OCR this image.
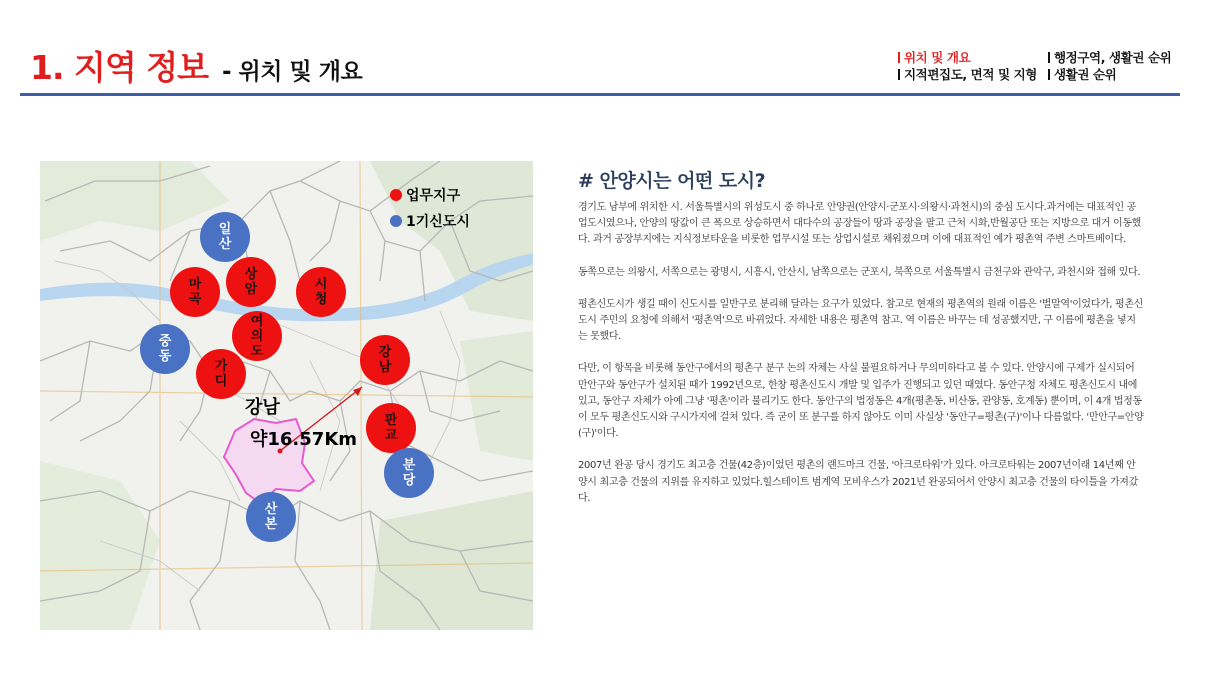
1. 지역 정보 - 위치 및 개요
위치 및 개요
지적편집도, 면적 및 지형
행정구역, 생활권 순위
생활권 순위
업무지구
1기신도시
마
곡
상
암	시
청
여
의
도
가
디
강
남
판
교
일
산
중
동
분
당
산
본
강남
약16.57Km
# 안양시는 어떤 도시?

경기도 남부에 위치한 시. 서울특별시의 위성도시 중 하나로 안양권(안양시·군포시·의왕시·과천시)의 중심 도시다.과거에는 대표적인 공업도시였으나, 안양의 땅값이 큰 폭으로 상승하면서 대다수의 공장들이 땅과 공장을 팔고 근처 시화,반월공단 또는 지방으로 대거 이동했다. 과거 공장부지에는 지식정보타운을 비롯한 업무시설 또는 상업시설로 채워졌으며 이에 대표적인 예가 평촌역 주변 스마트베이다.

동쪽으로는 의왕시, 서쪽으로는 광명시, 시흥시, 안산시, 남쪽으로는 군포시, 북쪽으로 서울특별시 금천구와 관악구, 과천시와 접해 있다.

평촌신도시가 생길 때이 신도시를 일반구로 분리해 달라는 요구가 있었다. 참고로 현재의 평촌역의 원래 이름은 '벌말역'이었다가, 평촌신도시 주민의 요청에 의해서 '평촌역'으로 바뀌었다. 자세한 내용은 평촌역 참고. 역 이름은 바꾸는 데 성공했지만, 구 이름에 평촌을 넣지는 못했다.

다만, 이 항목을 비롯해 동안구에서의 평촌구 분구 논의 자체는 사실 불필요하거나 무의미하다고 볼 수 있다. 안양시에 구제가 실시되어 만안구와 동안구가 설치된 때가 1992년으로, 한창 평촌신도시 개발 및 입주가 진행되고 있던 때였다. 동안구청 자체도 평촌신도시 내에 있고, 동안구 자체가 아예 그냥 '평촌'이라 불리기도 한다. 동안구의 법정동은 4개(평촌동, 비산동, 관양동, 호계동) 뿐이며, 이 4개 법정동이 모두 평촌신도시와 구시가지에 걸쳐 있다. 즉 굳이 또 분구를 하지 않아도 이미 사실상 '동안구=평촌(구)'이나 다름없다. '만안구=안양(구)'이다.

2007년 완공 당시 경기도 최고층 건물(42층)이었던 평촌의 랜드마크 건물, '아크로타워'가 있다. 아크로타워는 2007년이래 14년째 안양시 최고층 건물의 지위를 유지하고 있었다.힐스테이트 범계역 모비우스가 2021년 완공되어서 안양시 최고층 건물의 타이틀을 가져갔다.
